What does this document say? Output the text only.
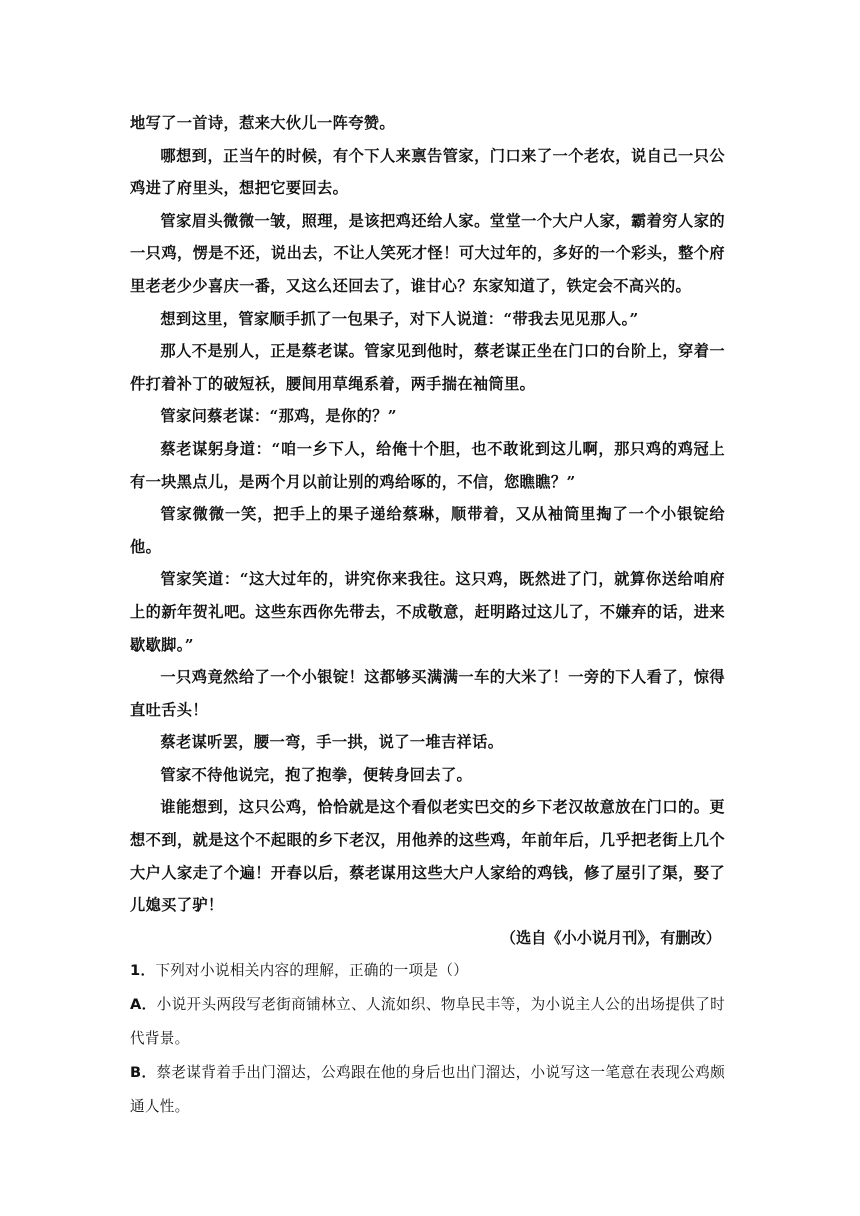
地写了一首诗，惹来大伙儿一阵夸赞。

哪想到，正当午的时候，有个下人来禀告管家，门口来了一个老农，说自己一只公鸡进了府里头，想把它要回去。

管家眉头微微一皱，照理，是该把鸡还给人家。堂堂一个大户人家，霸着穷人家的一只鸡，愣是不还，说出去，不让人笑死才怪！可大过年的，多好的一个彩头，整个府里老老少少喜庆一番，又这么还回去了，谁甘心？东家知道了，铁定会不高兴的。

想到这里，管家顺手抓了一包果子，对下人说道：“带我去见见那人。”

那人不是别人，正是蔡老谋。管家见到他时，蔡老谋正坐在门口的台阶上，穿着一件打着补丁的破短袄，腰间用草绳系着，两手揣在袖筒里。

管家问蔡老谋：“那鸡，是你的？”

蔡老谋躬身道：“咱一乡下人，给俺十个胆，也不敢讹到这儿啊，那只鸡的鸡冠上有一块黑点儿，是两个月以前让别的鸡给啄的，不信，您瞧瞧？”

管家微微一笑，把手上的果子递给蔡琳，顺带着，又从袖筒里掏了一个小银锭给他。

管家笑道：“这大过年的，讲究你来我往。这只鸡，既然进了门，就算你送给咱府上的新年贺礼吧。这些东西你先带去，不成敬意，赶明路过这儿了，不嫌弃的话，进来歇歇脚。”

一只鸡竟然给了一个小银锭！这都够买满满一车的大米了！一旁的下人看了，惊得直吐舌头！

蔡老谋听罢，腰一弯，手一拱，说了一堆吉祥话。

管家不待他说完，抱了抱拳，便转身回去了。

谁能想到，这只公鸡，恰恰就是这个看似老实巴交的乡下老汉故意放在门口的。更想不到，就是这个不起眼的乡下老汉，用他养的这些鸡，年前年后，几乎把老街上几个大户人家走了个遍！开春以后，蔡老谋用这些大户人家给的鸡钱，修了屋引了渠，娶了儿媳买了驴！

（选自《小小说月刊》，有删改）

1．下列对小说相关内容的理解，正确的一项是（）

A．小说开头两段写老街商铺林立、人流如织、物阜民丰等，为小说主人公的出场提供了时代背景。

B．蔡老谋背着手出门溜达，公鸡跟在他的身后也出门溜达，小说写这一笔意在表现公鸡颇通人性。
